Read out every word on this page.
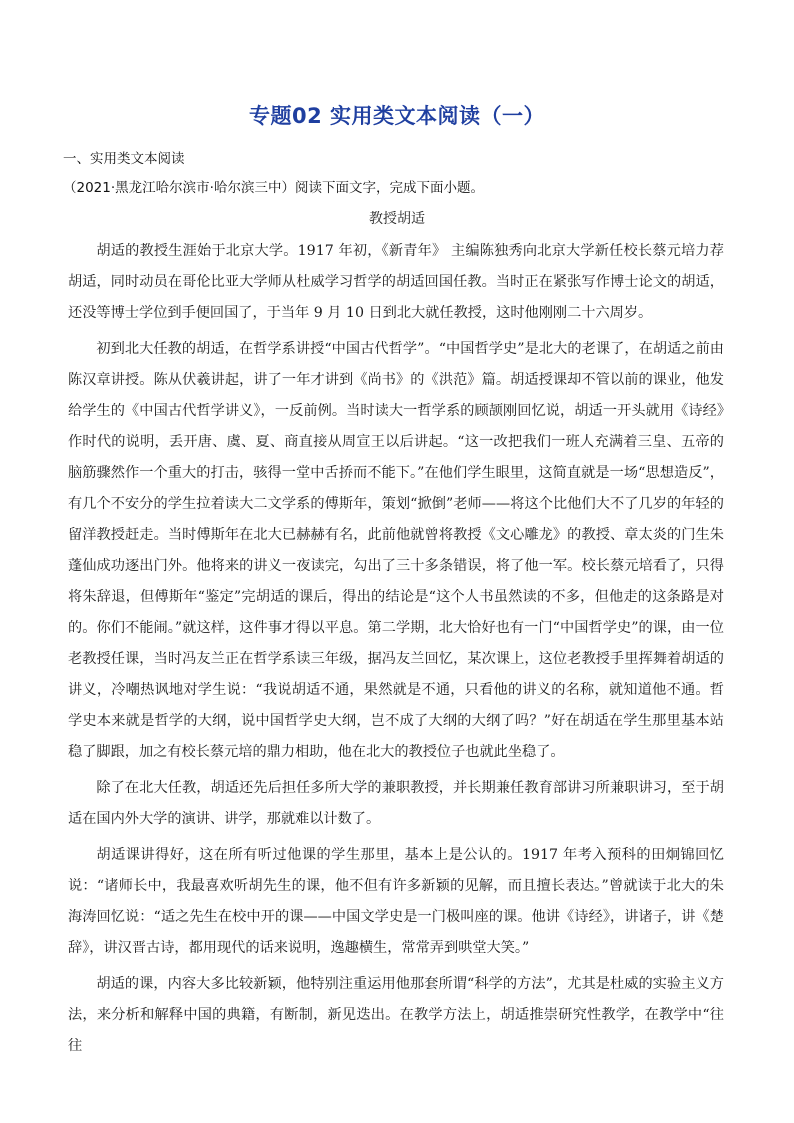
专题02 实用类文本阅读（一）
一、实用类文本阅读
（2021·黑龙江哈尔滨市·哈尔滨三中）阅读下面文字，完成下面小题。
教授胡适

胡适的教授生涯始于北京大学。1917 年初，《新青年》 主编陈独秀向北京大学新任校长蔡元培力荐胡适，同时动员在哥伦比亚大学师从杜威学习哲学的胡适回国任教。当时正在紧张写作博士论文的胡适，还没等博士学位到手便回国了，于当年 9 月 10 日到北大就任教授，这时他刚刚二十六周岁。

初到北大任教的胡适，在哲学系讲授“中国古代哲学”。“中国哲学史”是北大的老课了，在胡适之前由陈汉章讲授。陈从伏羲讲起，讲了一年才讲到《尚书》的《洪范》篇。胡适授课却不管以前的课业，他发给学生的《中国古代哲学讲义》，一反前例。当时读大一哲学系的顾颉刚回忆说，胡适一开头就用《诗经》作时代的说明，丢开唐、虞、夏、商直接从周宣王以后讲起。“这一改把我们一班人充满着三皇、五帝的脑筋骤然作一个重大的打击，骇得一堂中舌挢而不能下。”在他们学生眼里，这简直就是一场“思想造反”，有几个不安分的学生拉着读大二文学系的傅斯年，策划“掀倒”老师——将这个比他们大不了几岁的年轻的留洋教授赶走。当时傅斯年在北大已赫赫有名，此前他就曾将教授《文心雕龙》的教授、章太炎的门生朱蓬仙成功逐出门外。他将来的讲义一夜读完，勾出了三十多条错误，将了他一军。校长蔡元培看了，只得将朱辞退，但傅斯年“鉴定”完胡适的课后，得出的结论是“这个人书虽然读的不多，但他走的这条路是对的。你们不能闹。”就这样，这件事才得以平息。第二学期，北大恰好也有一门“中国哲学史”的课，由一位老教授任课，当时冯友兰正在哲学系读三年级，据冯友兰回忆，某次课上，这位老教授手里挥舞着胡适的讲义，冷嘲热讽地对学生说：“我说胡适不通，果然就是不通，只看他的讲义的名称，就知道他不通。哲学史本来就是哲学的大纲，说中国哲学史大纲，岂不成了大纲的大纲了吗？”好在胡适在学生那里基本站稳了脚跟，加之有校长蔡元培的鼎力相助，他在北大的教授位子也就此坐稳了。

除了在北大任教，胡适还先后担任多所大学的兼职教授，并长期兼任教育部讲习所兼职讲习，至于胡适在国内外大学的演讲、讲学，那就难以计数了。

胡适课讲得好，这在所有听过他课的学生那里，基本上是公认的。1917 年考入预科的田炯锦回忆说：“诸师长中，我最喜欢听胡先生的课，他不但有许多新颖的见解，而且擅长表达。”曾就读于北大的朱海涛回忆说：“适之先生在校中开的课——中国文学史是一门极叫座的课。他讲《诗经》，讲诸子，讲《楚辞》，讲汉晋古诗，都用现代的话来说明，逸趣横生，常常弄到哄堂大笑。”

胡适的课，内容大多比较新颖，他特别注重运用他那套所谓“科学的方法”，尤其是杜威的实验主义方法，来分析和解释中国的典籍，有断制，新见迭出。在教学方法上，胡适推崇研究性教学，在教学中“往往
